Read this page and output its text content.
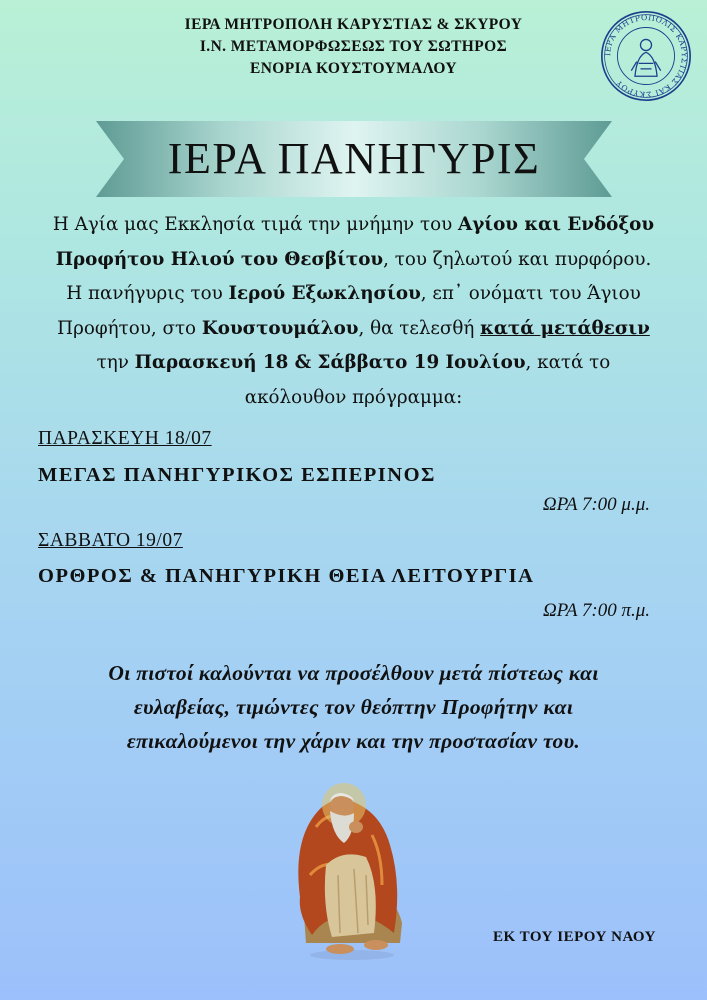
ΙΕΡΑ ΜΗΤΡΟΠΟΛΗ ΚΑΡΥΣΤΙΑΣ & ΣΚΥΡΟΥ
Ι.Ν. ΜΕΤΑΜΟΡΦΩΣΕΩΣ ΤΟΥ ΣΩΤΗΡΟΣ
ΕΝΟΡΙΑ ΚΟΥΣΤΟΥΜΑΛΟΥ
ΙΕΡΑ ΜΗΤΡΟΠΟΛΙΣ ΚΑΡΥΣΤΙΑΣ ΚΑΙ ΣΚΥΡΟΥ
ΙΕΡΑ ΠΑΝΗΓΥΡΙΣ
Η Αγία μας Εκκλησία τιμά την μνήμην του Αγίου και Ενδόξου
Προφήτου Ηλιού του Θεσβίτου, του ζηλωτού και πυρφόρου.
Η πανήγυρις του Ιερού Εξωκλησίου, επ᾽ ονόματι του Άγιου
Προφήτου, στο Κουστουμάλου, θα τελεσθή κατά μετάθεσιν
την Παρασκευή 18 & Σάββατο 19 Ιουλίου, κατά το
ακόλουθον πρόγραμμα:
ΠΑΡΑΣΚΕΥΗ 18/07
ΜΕΓΑΣ ΠΑΝΗΓΥΡΙΚΟΣ ΕΣΠΕΡΙΝΟΣ
ΩΡΑ 7:00 μ.μ.
ΣΑΒΒΑΤΟ 19/07
ΟΡΘΡΟΣ & ΠΑΝΗΓΥΡΙΚΗ ΘΕΙΑ ΛΕΙΤΟΥΡΓΙΑ
ΩΡΑ 7:00 π.μ.
Οι πιστοί καλούνται να προσέλθουν μετά πίστεως και
ευλαβείας, τιμώντες τον θεόπτην Προφήτην και
επικαλούμενοι την χάριν και την προστασίαν του.
ΕΚ ΤΟΥ ΙΕΡΟΥ ΝΑΟΥ
